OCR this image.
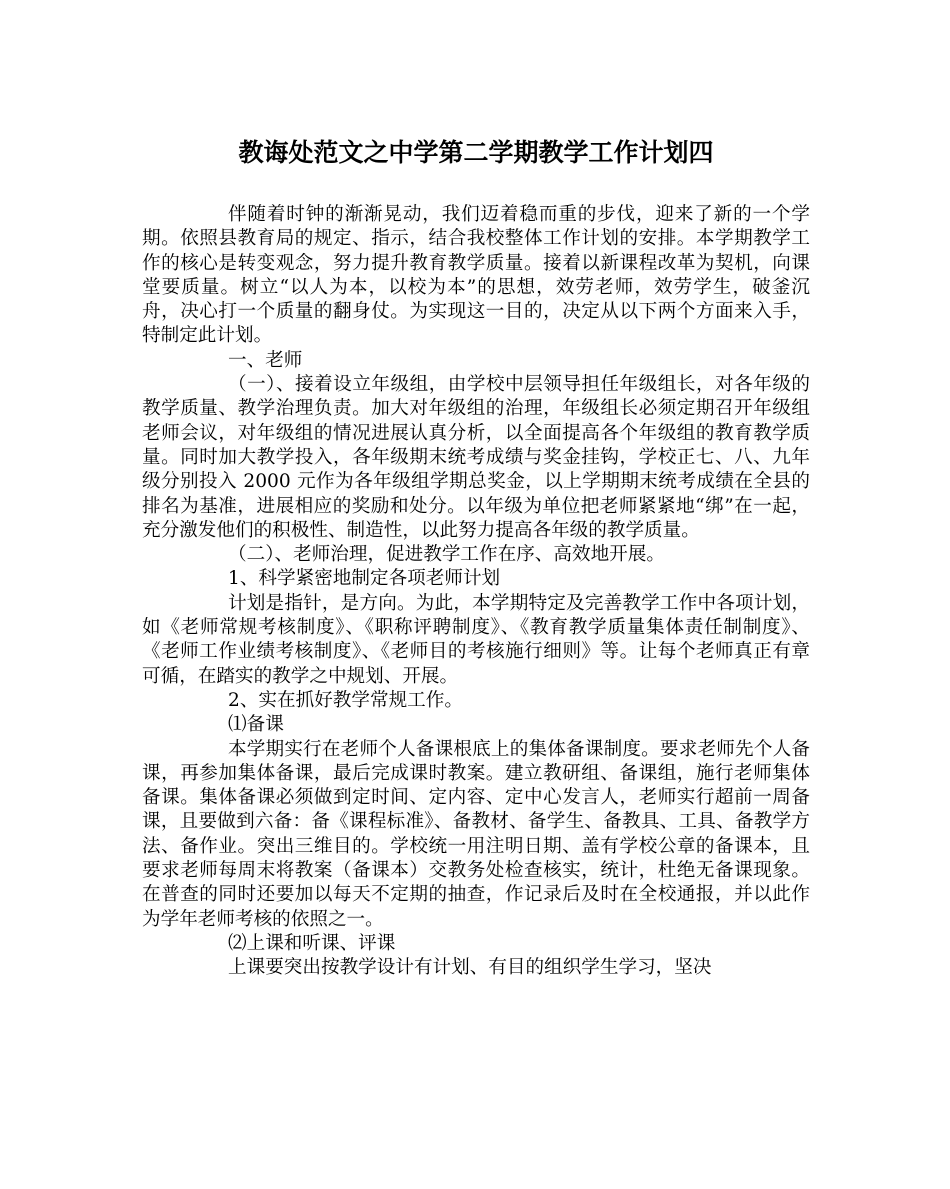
教诲处范文之中学第二学期教学工作计划四

伴随着时钟的渐渐晃动，我们迈着稳而重的步伐，迎来了新的一个学期。依照县教育局的规定、指示，结合我校整体工作计划的安排。本学期教学工作的核心是转变观念，努力提升教育教学质量。接着以新课程改革为契机，向课堂要质量。树立“以人为本，以校为本”的思想，效劳老师，效劳学生，破釜沉舟，决心打一个质量的翻身仗。为实现这一目的，决定从以下两个方面来入手，特制定此计划。

一、老师

（一）、接着设立年级组，由学校中层领导担任年级组长，对各年级的教学质量、教学治理负责。加大对年级组的治理，年级组长必须定期召开年级组老师会议，对年级组的情况进展认真分析，以全面提高各个年级组的教育教学质量。同时加大教学投入，各年级期末统考成绩与奖金挂钩，学校正七、八、九年级分别投入 2000 元作为各年级组学期总奖金，以上学期期末统考成绩在全县的排名为基准，进展相应的奖励和处分。以年级为单位把老师紧紧地“绑”在一起，充分激发他们的积极性、制造性，以此努力提高各年级的教学质量。

（二）、老师治理，促进教学工作在序、高效地开展。

1、科学紧密地制定各项老师计划

计划是指针，是方向。为此，本学期特定及完善教学工作中各项计划，如《老师常规考核制度》、《职称评聘制度》、《教育教学质量集体责任制制度》、《老师工作业绩考核制度》、《老师目的考核施行细则》等。让每个老师真正有章可循，在踏实的教学之中规划、开展。

2、实在抓好教学常规工作。

⑴备课

本学期实行在老师个人备课根底上的集体备课制度。要求老师先个人备课，再参加集体备课，最后完成课时教案。建立教研组、备课组，施行老师集体备课。集体备课必须做到定时间、定内容、定中心发言人，老师实行超前一周备课，且要做到六备：备《课程标准》、备教材、备学生、备教具、工具、备教学方法、备作业。突出三维目的。学校统一用注明日期、盖有学校公章的备课本，且要求老师每周末将教案（备课本）交教务处检查核实，统计，杜绝无备课现象。在普查的同时还要加以每天不定期的抽查，作记录后及时在全校通报，并以此作为学年老师考核的依照之一。

⑵上课和听课、评课

上课要突出按教学设计有计划、有目的组织学生学习，坚决
